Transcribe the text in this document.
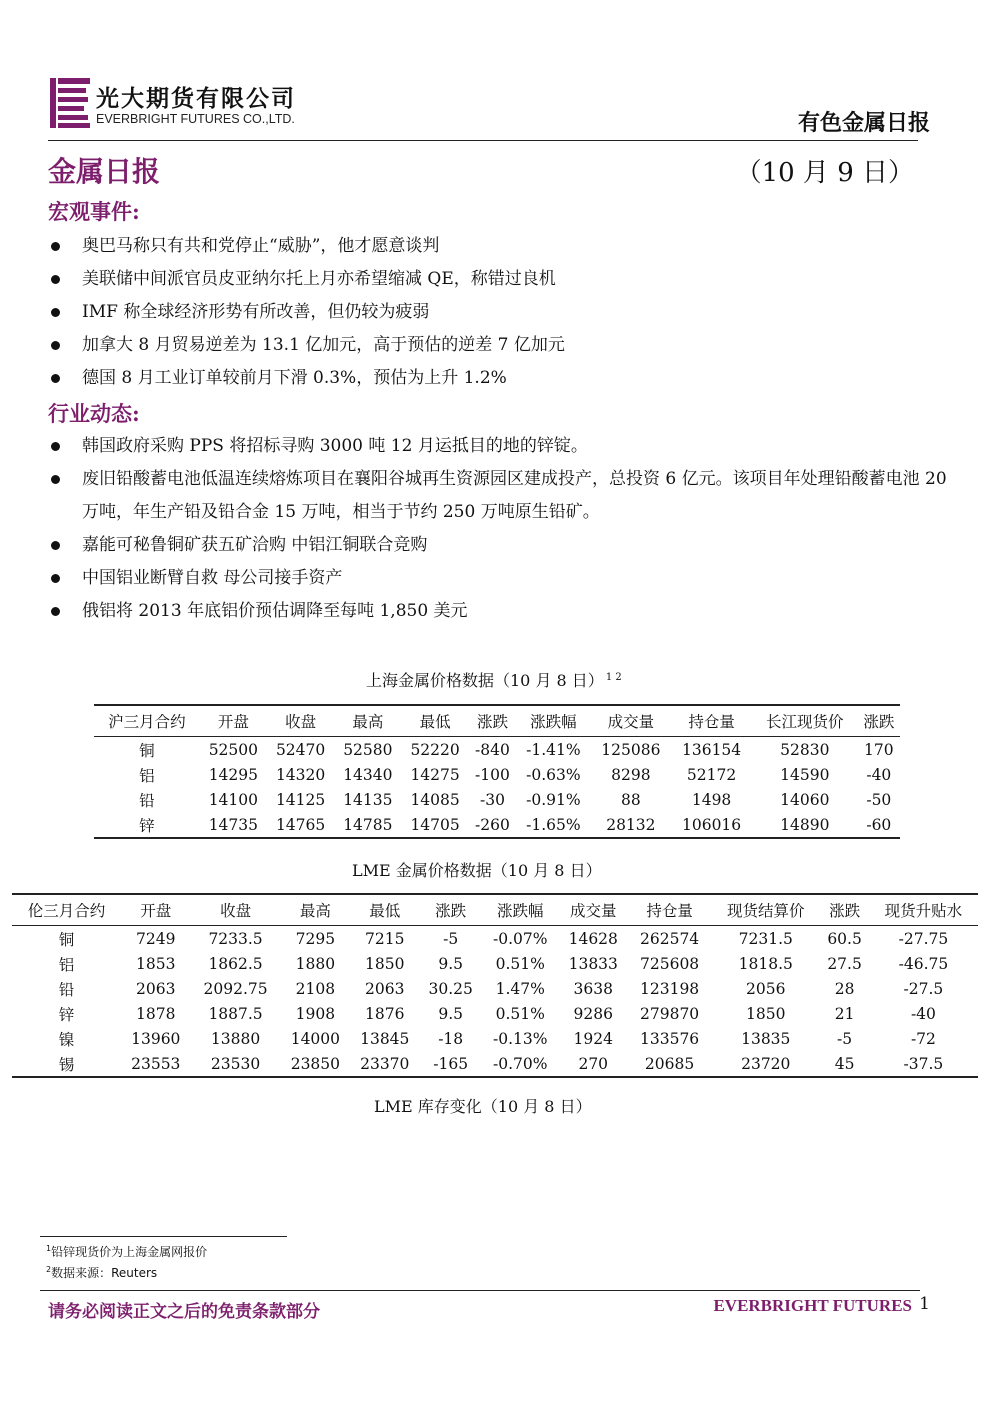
光大期货有限公司
EVERBRIGHT FUTURES CO.,LTD.	有色金属日报
金属日报	（10 月 9 日）
宏观事件:
奥巴马称只有共和党停止“威胁”，他才愿意谈判
美联储中间派官员皮亚纳尔托上月亦希望缩减 QE，称错过良机
IMF 称全球经济形势有所改善，但仍较为疲弱
加拿大 8 月贸易逆差为 13.1 亿加元，高于预估的逆差 7 亿加元
德国 8 月工业订单较前月下滑 0.3%，预估为上升 1.2%
行业动态:
韩国政府采购 PPS 将招标寻购 3000 吨 12 月运抵目的地的锌锭。
废旧铅酸蓄电池低温连续熔炼项目在襄阳谷城再生资源园区建成投产，总投资 6 亿元。该项目年处理铅酸蓄电池 20 万吨，年生产铅及铅合金 15 万吨，相当于节约 250 万吨原生铅矿。
嘉能可秘鲁铜矿获五矿洽购 中铝江铜联合竞购
中国铝业断臂自救 母公司接手资产
俄铝将 2013 年底铝价预估调降至每吨 1,850 美元
上海金属价格数据（10 月 8 日） $^{1 2}$
沪三月合约	开盘	收盘	最高	最低	涨跌	涨跌幅	成交量	持仓量	长江现货价	涨跌
铜	52500	52470	52580	52220	-840	-1.41%	125086	136154	52830	170
铝	14295	14320	14340	14275	-100	-0.63%	8298	52172	14590	-40
铅	14100	14125	14135	14085	-30	-0.91%	88	1498	14060	-50
锌	14735	14765	14785	14705	-260	-1.65%	28132	106016	14890	-60
LME 金属价格数据（10 月 8 日）
伦三月合约	开盘	收盘	最高	最低	涨跌	涨跌幅	成交量	持仓量	现货结算价	涨跌	现货升贴水
铜	7249	7233.5	7295	7215	-5	-0.07%	14628	262574	7231.5	60.5	-27.75
铝	1853	1862.5	1880	1850	9.5	0.51%	13833	725608	1818.5	27.5	-46.75
铅	2063	2092.75	2108	2063	30.25	1.47%	3638	123198	2056	28	-27.5
锌	1878	1887.5	1908	1876	9.5	0.51%	9286	279870	1850	21	-40
镍	13960	13880	14000	13845	-18	-0.13%	1924	133576	13835	-5	-72
锡	23553	23530	23850	23370	-165	-0.70%	270	20685	23720	45	-37.5
LME 库存变化（10 月 8 日）
$^1$铅锌现货价为上海金属网报价
$^2$数据来源：Reuters
请务必阅读正文之后的免责条款部分	EVERBRIGHT FUTURES 1
